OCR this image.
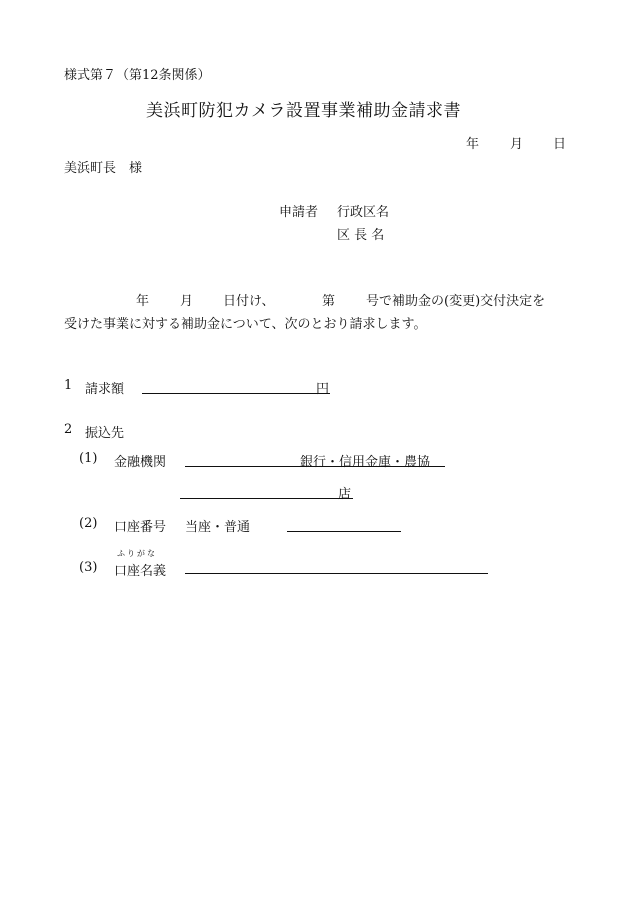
様式第７（第12条関係）
美浜町防犯カメラ設置事業補助金請求書
年 月 日
美浜町長　様
申請者 行政区名
区 長 名
年 月 日付け、	第 号で補助金の(変更)交付決定を
受けた事業に対する補助金について、次のとおり請求します。
1 請求額	円
2 振込先
(1) 金融機関	銀行・信用金庫・農協
店
(2) 口座番号 当座・普通
ふりがな
(3) 口座名義
